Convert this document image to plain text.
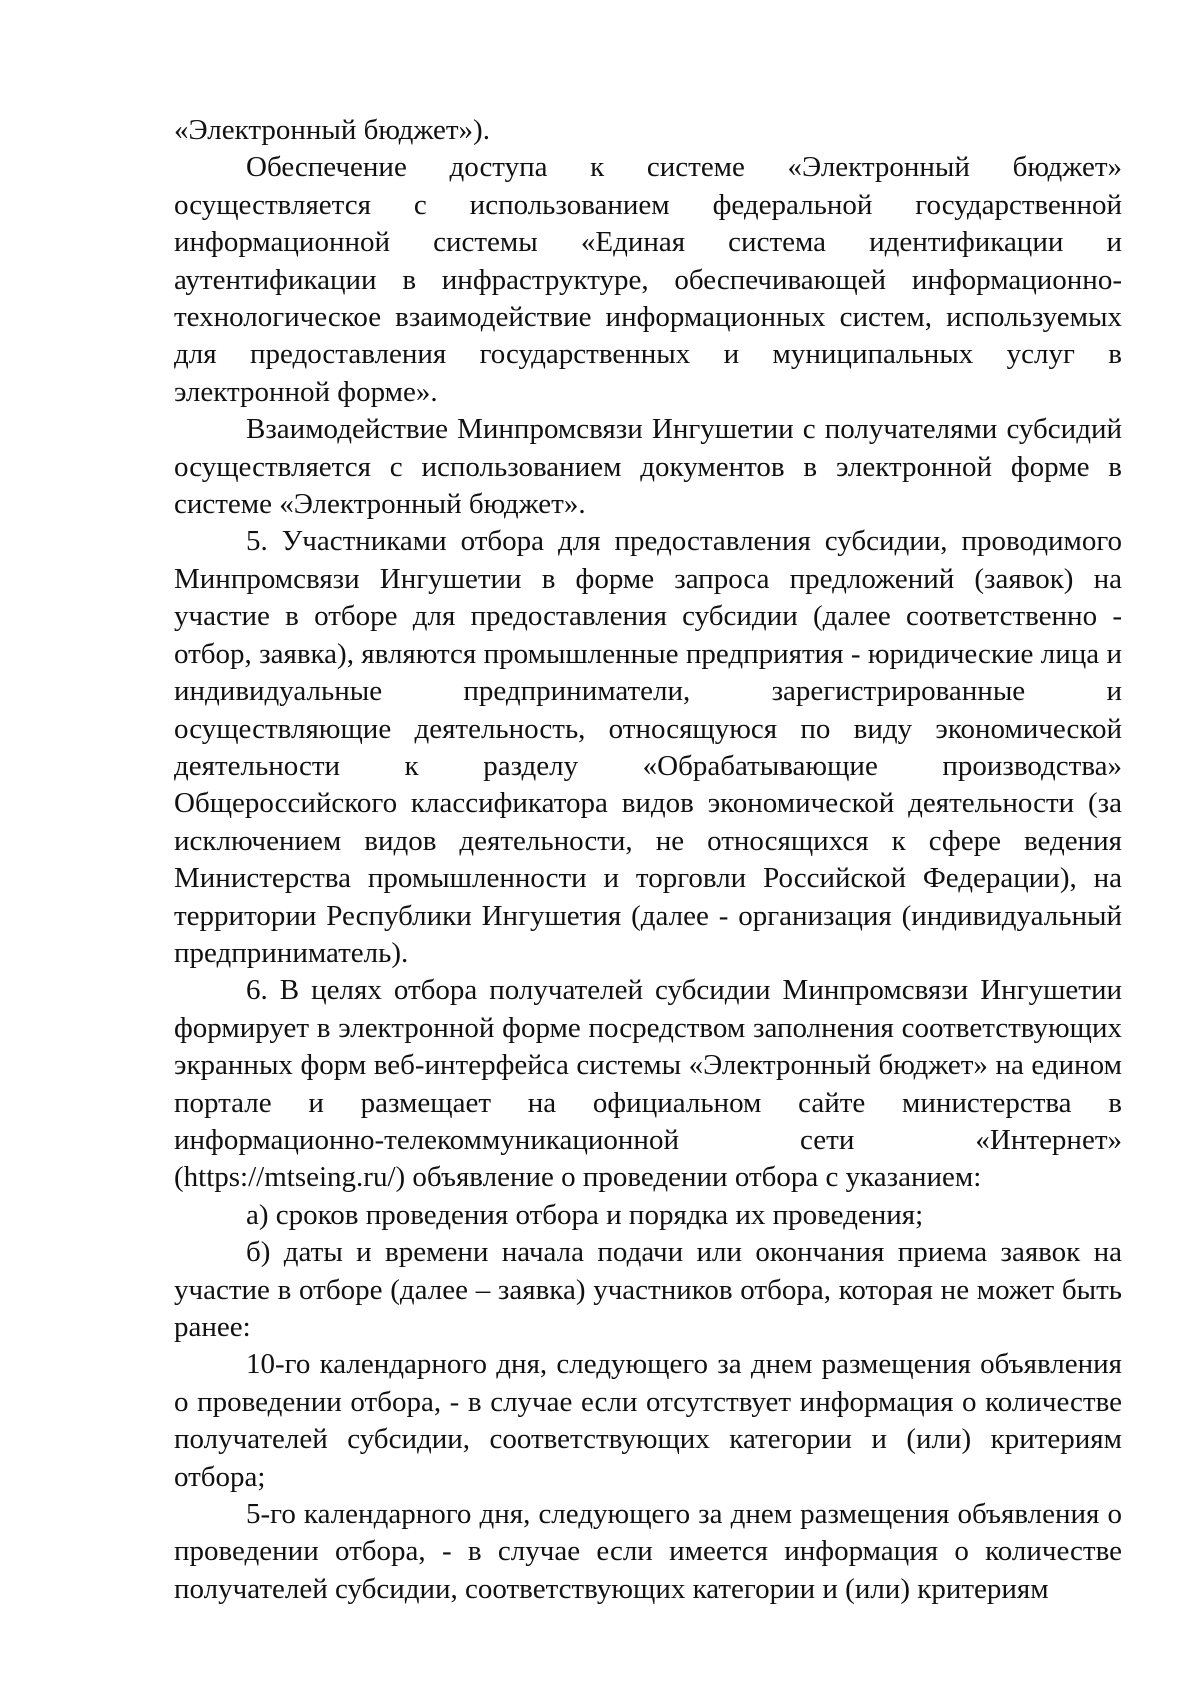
«Электронный бюджет»).

Обеспечение доступа к системе «Электронный бюджет» осуществляется с использованием федеральной государственной информационной системы «Единая система идентификации и аутентификации в инфраструктуре, обеспечивающей информационно-технологическое взаимодействие информационных систем, используемых для предоставления государственных и муниципальных услуг в электронной форме».

Взаимодействие Минпромсвязи Ингушетии с получателями субсидий осуществляется с использованием документов в электронной форме в системе «Электронный бюджет».

5. Участниками отбора для предоставления субсидии, проводимого Минпромсвязи Ингушетии в форме запроса предложений (заявок) на участие в отборе для предоставления субсидии (далее соответственно - отбор, заявка), являются промышленные предприятия - юридические лица и индивидуальные предприниматели, зарегистрированные и осуществляющие деятельность, относящуюся по виду экономической деятельности к разделу «Обрабатывающие производства» Общероссийского классификатора видов экономической деятельности (за исключением видов деятельности, не относящихся к сфере ведения Министерства промышленности и торговли Российской Федерации), на территории Республики Ингушетия (далее - организация (индивидуальный предприниматель).

6. В целях отбора получателей субсидии Минпромсвязи Ингушетии формирует в электронной форме посредством заполнения соответствующих экранных форм веб-интерфейса системы «Электронный бюджет» на едином портале и размещает на официальном сайте министерства в информационно-телекоммуникационной сети «Интернет» (https://mtseing.ru/) объявление о проведении отбора с указанием:

а) сроков проведения отбора и порядка их проведения;

б) даты и времени начала подачи или окончания приема заявок на участие в отборе (далее – заявка) участников отбора, которая не может быть ранее:

10-го календарного дня, следующего за днем размещения объявления о проведении отбора, - в случае если отсутствует информация о количестве получателей субсидии, соответствующих категории и (или) критериям отбора;

5-го календарного дня, следующего за днем размещения объявления о проведении отбора, - в случае если имеется информация о количестве получателей субсидии, соответствующих категории и (или) критериям
